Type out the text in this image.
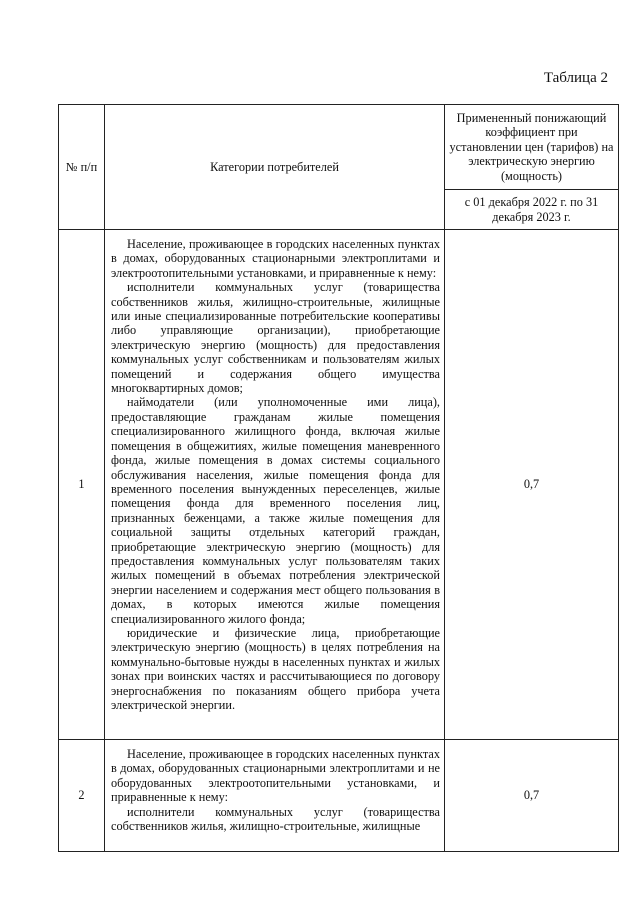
Таблица 2
№ п/п	Категории потребителей	Примененный понижающий коэффициент при установлении цен (тарифов) на электрическую энергию (мощность)
		с 01 декабря 2022 г. по 31 декабря 2023 г.
1	Население, проживающее в городских населенных пунктах в домах, оборудованных стационарными электроплитами и электроотопительными установками, и приравненные к нему:

исполнители коммунальных услуг (товарищества собственников жилья, жилищно-строительные, жилищные или иные специализированные потребительские кооперативы либо управляющие организации), приобретающие электрическую энергию (мощность) для предоставления коммунальных услуг собственникам и пользователям жилых помещений и содержания общего имущества многоквартирных домов;

наймодатели (или уполномоченные ими лица), предоставляющие гражданам жилые помещения специализированного жилищного фонда, включая жилые помещения в общежитиях, жилые помещения маневренного фонда, жилые помещения в домах системы социального обслуживания населения, жилые помещения фонда для временного поселения вынужденных переселенцев, жилые помещения фонда для временного поселения лиц, признанных беженцами, а также жилые помещения для социальной защиты отдельных категорий граждан, приобретающие электрическую энергию (мощность) для предоставления коммунальных услуг пользователям таких жилых помещений в объемах потребления электрической энергии населением и содержания мест общего пользования в домах, в которых имеются жилые помещения специализированного жилого фонда;

юридические и физические лица, приобретающие электрическую энергию (мощность) в целях потребления на коммунально-бытовые нужды в населенных пунктах и жилых зонах при воинских частях и рассчитывающиеся по договору энергоснабжения по показаниям общего прибора учета электрической энергии.	0,7
2	Население, проживающее в городских населенных пунктах в домах, оборудованных стационарными электроплитами и не оборудованных электроотопительными установками, и приравненные к нему:

исполнители коммунальных услуг (товарищества собственников жилья, жилищно-строительные, жилищные	0,7
